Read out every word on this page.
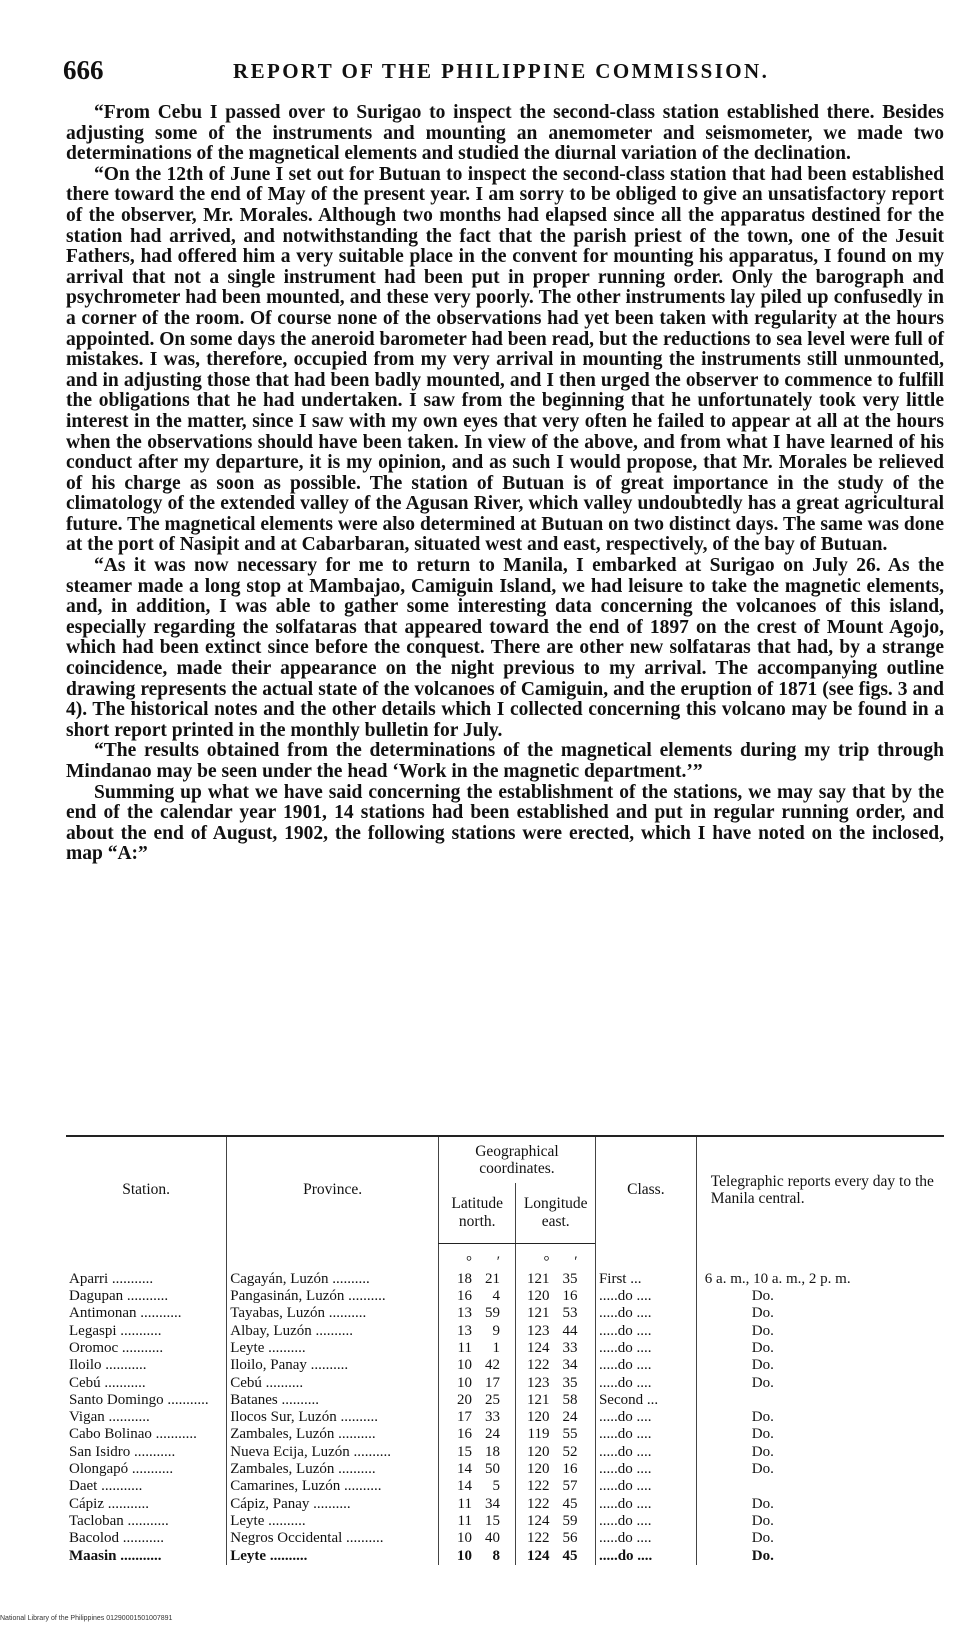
666	REPORT OF THE PHILIPPINE COMMISSION.

“From Cebu I passed over to Surigao to inspect the second-class station established there. Besides adjusting some of the instruments and mounting an anemometer and seismometer, we made two determinations of the magnetical elements and studied the diurnal variation of the declination.

“On the 12th of June I set out for Butuan to inspect the second-class station that had been established there toward the end of May of the present year. I am sorry to be obliged to give an unsatisfactory report of the observer, Mr. Morales. Although two months had elapsed since all the apparatus destined for the station had arrived, and notwithstanding the fact that the parish priest of the town, one of the Jesuit Fathers, had offered him a very suitable place in the convent for mounting his apparatus, I found on my arrival that not a single instrument had been put in proper running order. Only the barograph and psychrometer had been mounted, and these very poorly. The other instruments lay piled up confusedly in a corner of the room. Of course none of the observations had yet been taken with regularity at the hours appointed. On some days the aneroid barometer had been read, but the reductions to sea level were full of mistakes. I was, therefore, occupied from my very arrival in mounting the instruments still unmounted, and in adjusting those that had been badly mounted, and I then urged the observer to commence to fulfill the obligations that he had undertaken. I saw from the beginning that he unfortunately took very little interest in the matter, since I saw with my own eyes that very often he failed to appear at all at the hours when the observations should have been taken. In view of the above, and from what I have learned of his conduct after my departure, it is my opinion, and as such I would propose, that Mr. Morales be relieved of his charge as soon as possible. The station of Butuan is of great importance in the study of the climatology of the extended valley of the Agusan River, which valley undoubtedly has a great agricultural future. The magnetical elements were also determined at Butuan on two distinct days. The same was done at the port of Nasipit and at Cabarbaran, situated west and east, respectively, of the bay of Butuan.

“As it was now necessary for me to return to Manila, I embarked at Surigao on July 26. As the steamer made a long stop at Mambajao, Camiguin Island, we had leisure to take the magnetic elements, and, in addition, I was able to gather some interesting data concerning the volcanoes of this island, especially regarding the solfataras that appeared toward the end of 1897 on the crest of Mount Agojo, which had been extinct since before the conquest. There are other new solfataras that had, by a strange coincidence, made their appearance on the night previous to my arrival. The accompanying outline drawing represents the actual state of the volcanoes of Camiguin, and the eruption of 1871 (see figs. 3 and 4). The historical notes and the other details which I collected concerning this volcano may be found in a short report printed in the monthly bulletin for July.

“The results obtained from the determinations of the magnetical elements during my trip through Mindanao may be seen under the head ‘Work in the magnetic department.’”

Summing up what we have said concerning the establishment of the stations, we may say that by the end of the calendar year 1901, 14 stations had been established and put in regular running order, and about the end of August, 1902, the following stations were erected, which I have noted on the inclosed, map “A:”

Station.	Province.	Geographical coordinates.		Class.	Telegraphic reports every day to the Manila central.
		Latitude north.	Longitude east.		
		° ′	° ′		
Aparri ...........	Cagayán, Luzón ..........	18 21	121 35	First ...	6 a. m., 10 a. m., 2 p. m.
Dagupan ...........	Pangasinán, Luzón ..........	16 4	120 16	.....do ....	Do.
Antimonan ...........	Tayabas, Luzón ..........	13 59	121 53	.....do ....	Do.
Legaspi ...........	Albay, Luzón ..........	13 9	123 44	.....do ....	Do.
Oromoc ...........	Leyte ..........	11 1	124 33	.....do ....	Do.
Iloilo ...........	Iloilo, Panay ..........	10 42	122 34	.....do ....	Do.
Cebú ...........	Cebú ..........	10 17	123 35	.....do ....	Do.
Santo Domingo ...........	Batanes ..........	20 25	121 58	Second ...	
Vigan ...........	Ilocos Sur, Luzón ..........	17 33	120 24	.....do ....	Do.
Cabo Bolinao ...........	Zambales, Luzón ..........	16 24	119 55	.....do ....	Do.
San Isidro ...........	Nueva Ecija, Luzón ..........	15 18	120 52	.....do ....	Do.
Olongapó ...........	Zambales, Luzón ..........	14 50	120 16	.....do ....	Do.
Daet ...........	Camarines, Luzón ..........	14 5	122 57	.....do ....	
Cápiz ...........	Cápiz, Panay ..........	11 34	122 45	.....do ....	Do.
Tacloban ...........	Leyte ..........	11 15	124 59	.....do ....	Do.
Bacolod ...........	Negros Occidental ..........	10 40	122 56	.....do ....	Do.
Maasin ...........	Leyte ..........	10 8	124 45	.....do ....	Do.
National Library of the Philippines 01290001501007891
